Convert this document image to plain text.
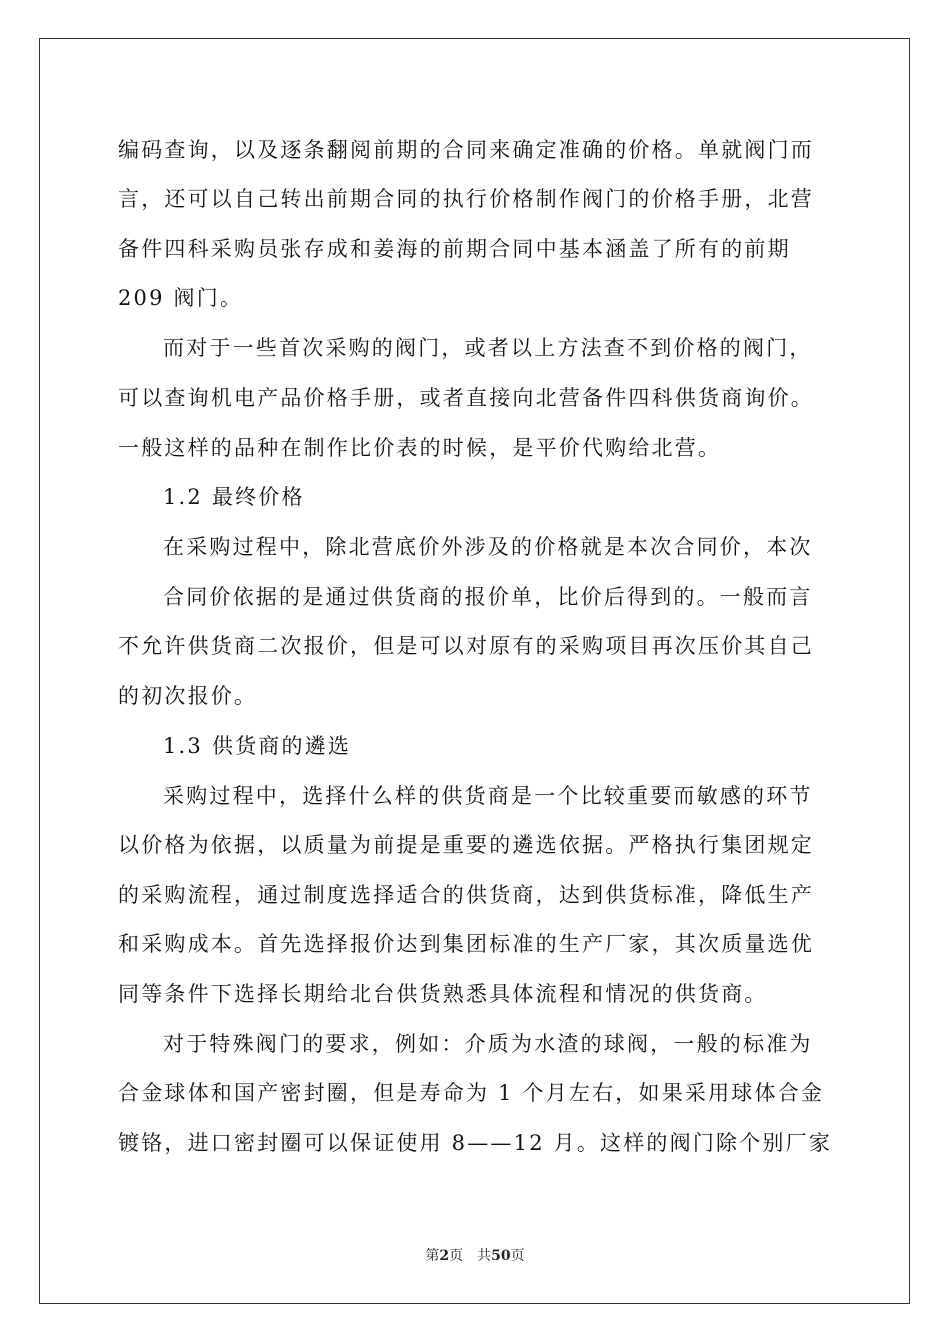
编码查询，以及逐条翻阅前期的合同来确定准确的价格。单就阀门而
言，还可以自己转出前期合同的执行价格制作阀门的价格手册，北营
备件四科采购员张存成和姜海的前期合同中基本涵盖了所有的前期
209 阀门。
而对于一些首次采购的阀门，或者以上方法查不到价格的阀门，
可以查询机电产品价格手册，或者直接向北营备件四科供货商询价。
一般这样的品种在制作比价表的时候，是平价代购给北营。
1.2 最终价格
在采购过程中，除北营底价外涉及的价格就是本次合同价，本次
合同价依据的是通过供货商的报价单，比价后得到的。一般而言
不允许供货商二次报价，但是可以对原有的采购项目再次压价其自己
的初次报价。
1.3 供货商的遴选
采购过程中，选择什么样的供货商是一个比较重要而敏感的环节
以价格为依据，以质量为前提是重要的遴选依据。严格执行集团规定
的采购流程，通过制度选择适合的供货商，达到供货标准，降低生产
和采购成本。首先选择报价达到集团标准的生产厂家，其次质量选优
同等条件下选择长期给北台供货熟悉具体流程和情况的供货商。
对于特殊阀门的要求，例如：介质为水渣的球阀，一般的标准为
合金球体和国产密封圈，但是寿命为 1 个月左右，如果采用球体合金
镀铬，进口密封圈可以保证使用 8——12 月。这样的阀门除个别厂家
第2页　共50页
